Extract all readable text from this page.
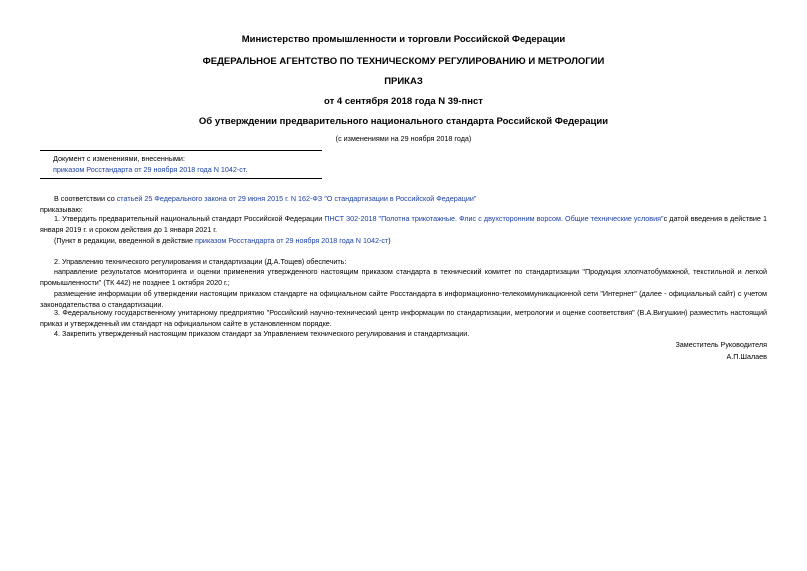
Министерство промышленности и торговли Российской Федерации
ФЕДЕРАЛЬНОЕ АГЕНТСТВО ПО ТЕХНИЧЕСКОМУ РЕГУЛИРОВАНИЮ И МЕТРОЛОГИИ
ПРИКАЗ
от 4 сентября 2018 года N 39-пнст
Об утверждении предварительного национального стандарта Российской Федерации
(с изменениями на 29 ноября 2018 года)
Документ с изменениями, внесенными:
приказом Росстандарта от 29 ноября 2018 года N 1042-ст.
В соответствии со статьей 25 Федерального закона от 29 июня 2015 г. N 162-ФЗ "О стандартизации в Российской Федерации"
приказываю:
1. Утвердить предварительный национальный стандарт Российской Федерации ПНСТ 302-2018 "Полотна трикотажные. Флис с двухсторонним ворсом. Общие технические условия"с датой введения в действие 1 января 2019 г. и сроком действия до 1 января 2021 г.
(Пункт в редакции, введенной в действие приказом Росстандарта от 29 ноября 2018 года N 1042-ст)
2. Управлению технического регулирования и стандартизации (Д.А.Тощев) обеспечить:
направление результатов мониторинга и оценки применения утвержденного настоящим приказом стандарта в технический комитет по стандартизации "Продукция хлопчатобумажной, текстильной и легкой промышленности" (ТК 442) не позднее 1 октября 2020 г.;
размещение информации об утверждении настоящим приказом стандарте на официальном сайте Росстандарта в информационно-телекоммуникационной сети "Интернет" (далее - официальный сайт) с учетом законодательства о стандартизации.
3. Федеральному государственному унитарному предприятию "Российский научно-технический центр информации по стандартизации, метрологии и оценке соответствия" (В.А.Вигушкин) разместить настоящий приказ и утвержденный им стандарт на официальном сайте в установленном порядке.
4. Закрепить утвержденный настоящим приказом стандарт за Управлением технического регулирования и стандартизации.
Заместитель Руководителя
А.П.Шалаев
